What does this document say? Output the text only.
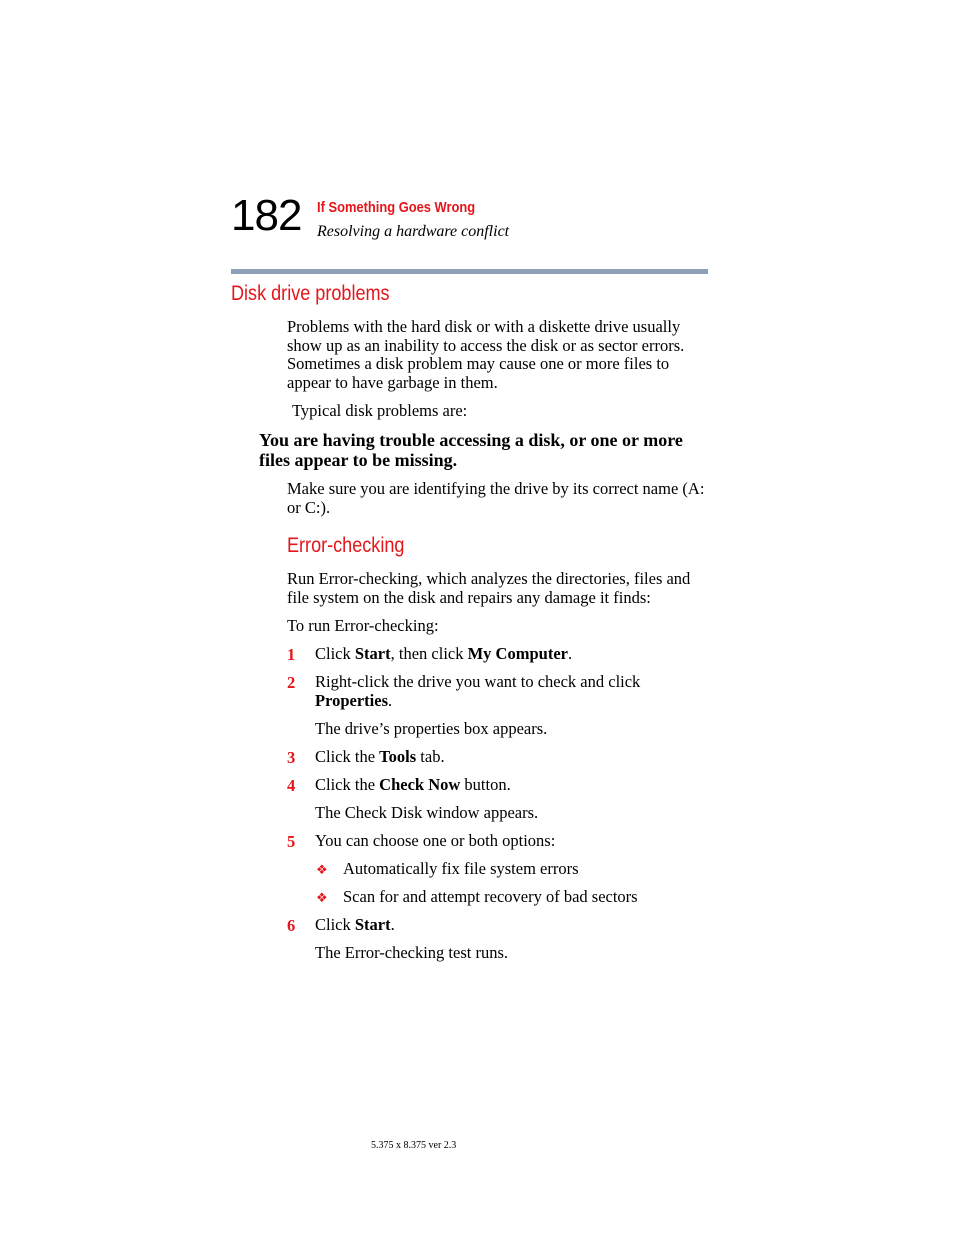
182 If Something Goes Wrong
Resolving a hardware conflict
Disk drive problems
Problems with the hard disk or with a diskette drive usually show up as an inability to access the disk or as sector errors. Sometimes a disk problem may cause one or more files to appear to have garbage in them.
Typical disk problems are:
You are having trouble accessing a disk, or one or more files appear to be missing.
Make sure you are identifying the drive by its correct name (A: or C:).
Error-checking
Run Error-checking, which analyzes the directories, files and file system on the disk and repairs any damage it finds:
To run Error-checking:
1 Click Start, then click My Computer.
2 Right-click the drive you want to check and click Properties.
The drive’s properties box appears.
3 Click the Tools tab.
4 Click the Check Now button.
The Check Disk window appears.
5 You can choose one or both options:
❖ Automatically fix file system errors
❖ Scan for and attempt recovery of bad sectors
6 Click Start.
The Error-checking test runs.
5.375 x 8.375 ver 2.3
